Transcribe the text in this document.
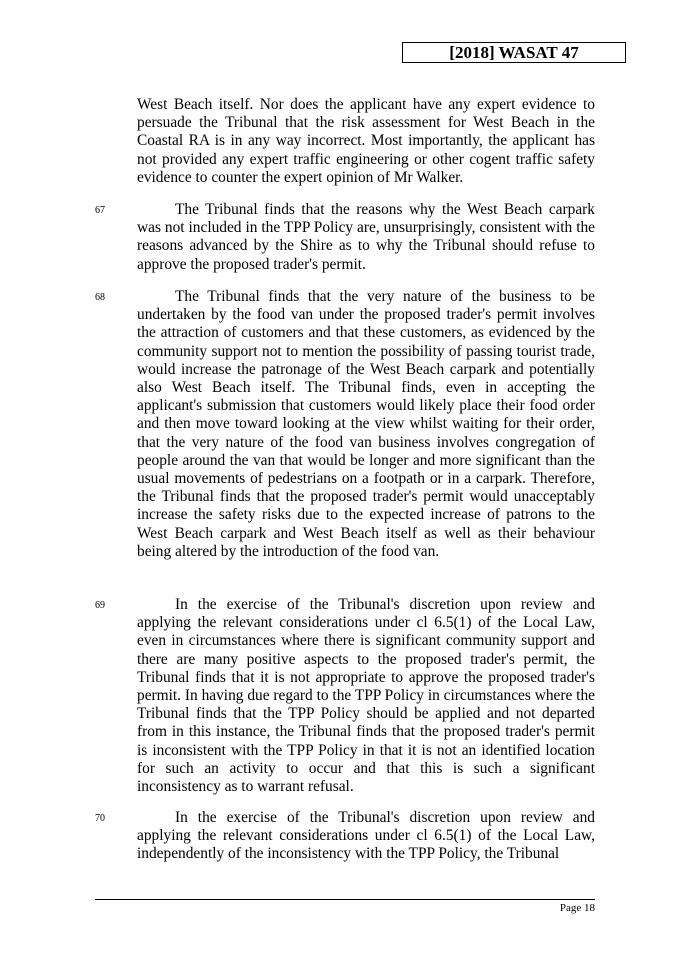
[2018] WASAT 47
West Beach itself. Nor does the applicant have any expert evidence to persuade the Tribunal that the risk assessment for West Beach in the Coastal RA is in any way incorrect. Most importantly, the applicant has not provided any expert traffic engineering or other cogent traffic safety evidence to counter the expert opinion of Mr Walker.
67	The Tribunal finds that the reasons why the West Beach carpark was not included in the TPP Policy are, unsurprisingly, consistent with the reasons advanced by the Shire as to why the Tribunal should refuse to approve the proposed trader's permit.
68	The Tribunal finds that the very nature of the business to be undertaken by the food van under the proposed trader's permit involves the attraction of customers and that these customers, as evidenced by the community support not to mention the possibility of passing tourist trade, would increase the patronage of the West Beach carpark and potentially also West Beach itself. The Tribunal finds, even in accepting the applicant's submission that customers would likely place their food order and then move toward looking at the view whilst waiting for their order, that the very nature of the food van business involves congregation of people around the van that would be longer and more significant than the usual movements of pedestrians on a footpath or in a carpark. Therefore, the Tribunal finds that the proposed trader's permit would unacceptably increase the safety risks due to the expected increase of patrons to the West Beach carpark and West Beach itself as well as their behaviour being altered by the introduction of the food van.
69	In the exercise of the Tribunal's discretion upon review and applying the relevant considerations under cl 6.5(1) of the Local Law, even in circumstances where there is significant community support and there are many positive aspects to the proposed trader's permit, the Tribunal finds that it is not appropriate to approve the proposed trader's permit. In having due regard to the TPP Policy in circumstances where the Tribunal finds that the TPP Policy should be applied and not departed from in this instance, the Tribunal finds that the proposed trader's permit is inconsistent with the TPP Policy in that it is not an identified location for such an activity to occur and that this is such a significant inconsistency as to warrant refusal.
70	In the exercise of the Tribunal's discretion upon review and applying the relevant considerations under cl 6.5(1) of the Local Law, independently of the inconsistency with the TPP Policy, the Tribunal
Page 18
